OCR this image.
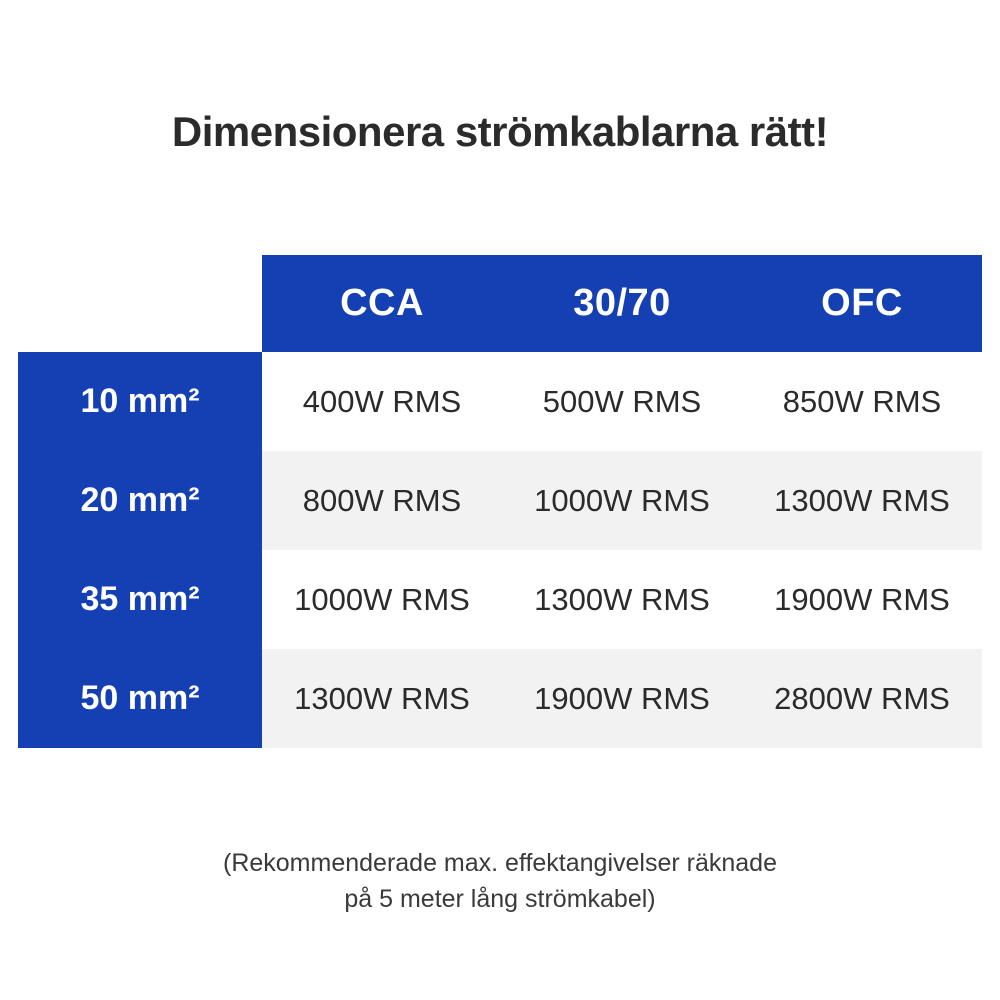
Dimensionera strömkablarna rätt!
	CCA	30/70	OFC
10 mm²	400W RMS	500W RMS	850W RMS
20 mm²	800W RMS	1000W RMS	1300W RMS
35 mm²	1000W RMS	1300W RMS	1900W RMS
50 mm²	1300W RMS	1900W RMS	2800W RMS
(Rekommenderade max. effektangivelser räknade
på 5 meter lång strömkabel)
